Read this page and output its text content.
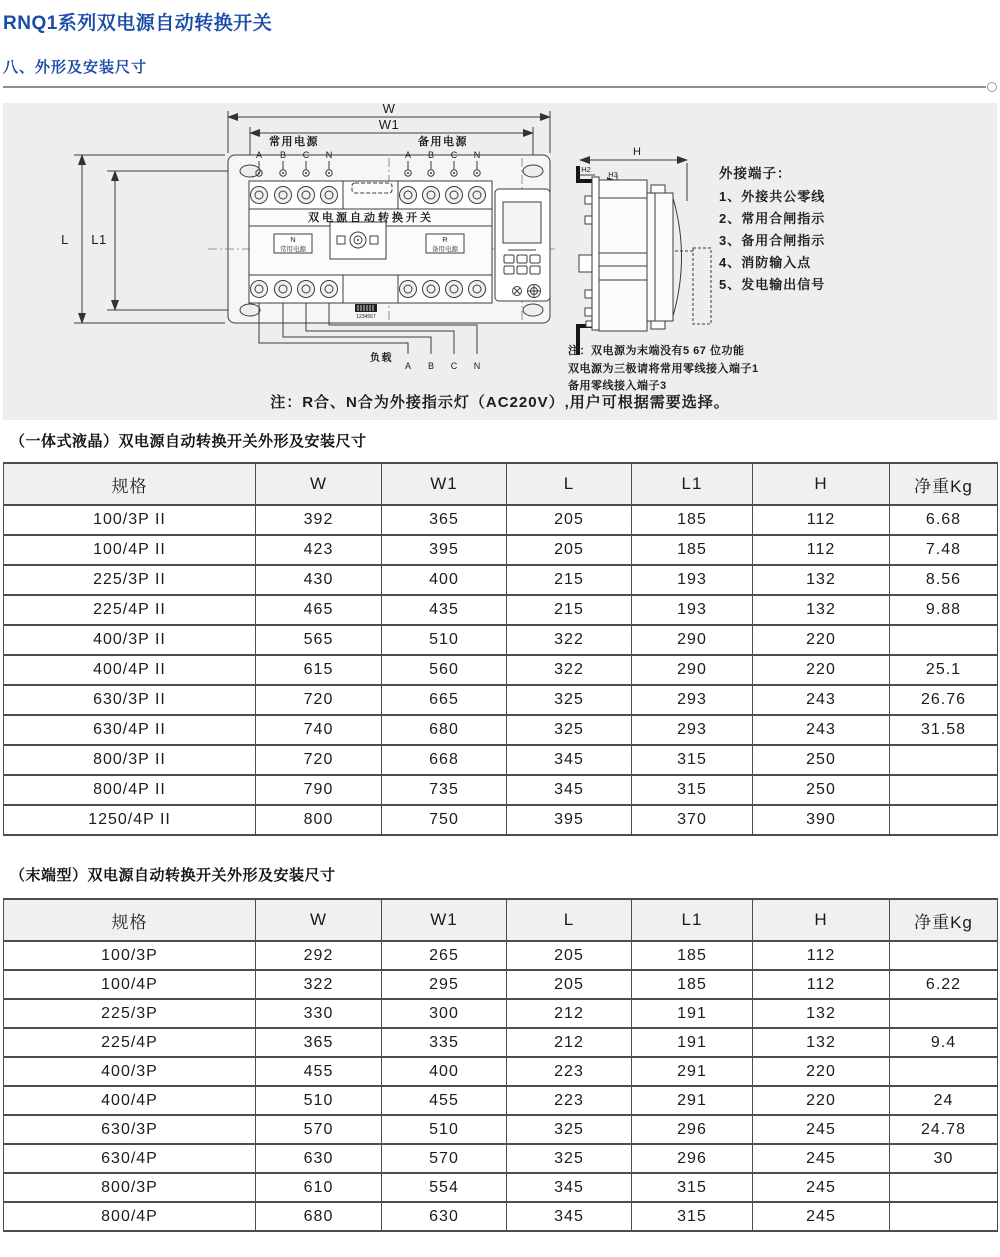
RNQ1系列双电源自动转换开关
八、外形及安装尺寸
W
W1
L L1
常用电源	备用电源
A B C N	A B C N
双电源自动转换开关
N
常用电源
R
备用电源
1234567
负载
A B C N
H
H2
H3	外接端子：
1、外接共公零线
2、常用合闸指示
3、备用合闸指示
4、消防输入点
5、发电输出信号
注：双电源为末端没有5 67 位功能
双电源为三极请将常用零线接入端子1
备用零线接入端子3
注：R合、N合为外接指示灯（AC220V）,用户可根据需要选择。
（一体式液晶）双电源自动转换开关外形及安装尺寸
规格	W	W1	L	L1	H	净重Kg
100/3P II	392	365	205	185	112	6.68
100/4P II	423	395	205	185	112	7.48
225/3P II	430	400	215	193	132	8.56
225/4P II	465	435	215	193	132	9.88
400/3P II	565	510	322	290	220	
400/4P II	615	560	322	290	220	25.1
630/3P II	720	665	325	293	243	26.76
630/4P II	740	680	325	293	243	31.58
800/3P II	720	668	345	315	250	
800/4P II	790	735	345	315	250	
1250/4P II	800	750	395	370	390	
（末端型）双电源自动转换开关外形及安装尺寸
规格	W	W1	L	L1	H	净重Kg
100/3P	292	265	205	185	112	
100/4P	322	295	205	185	112	6.22
225/3P	330	300	212	191	132	
225/4P	365	335	212	191	132	9.4
400/3P	455	400	223	291	220	
400/4P	510	455	223	291	220	24
630/3P	570	510	325	296	245	24.78
630/4P	630	570	325	296	245	30
800/3P	610	554	345	315	245	
800/4P	680	630	345	315	245	
